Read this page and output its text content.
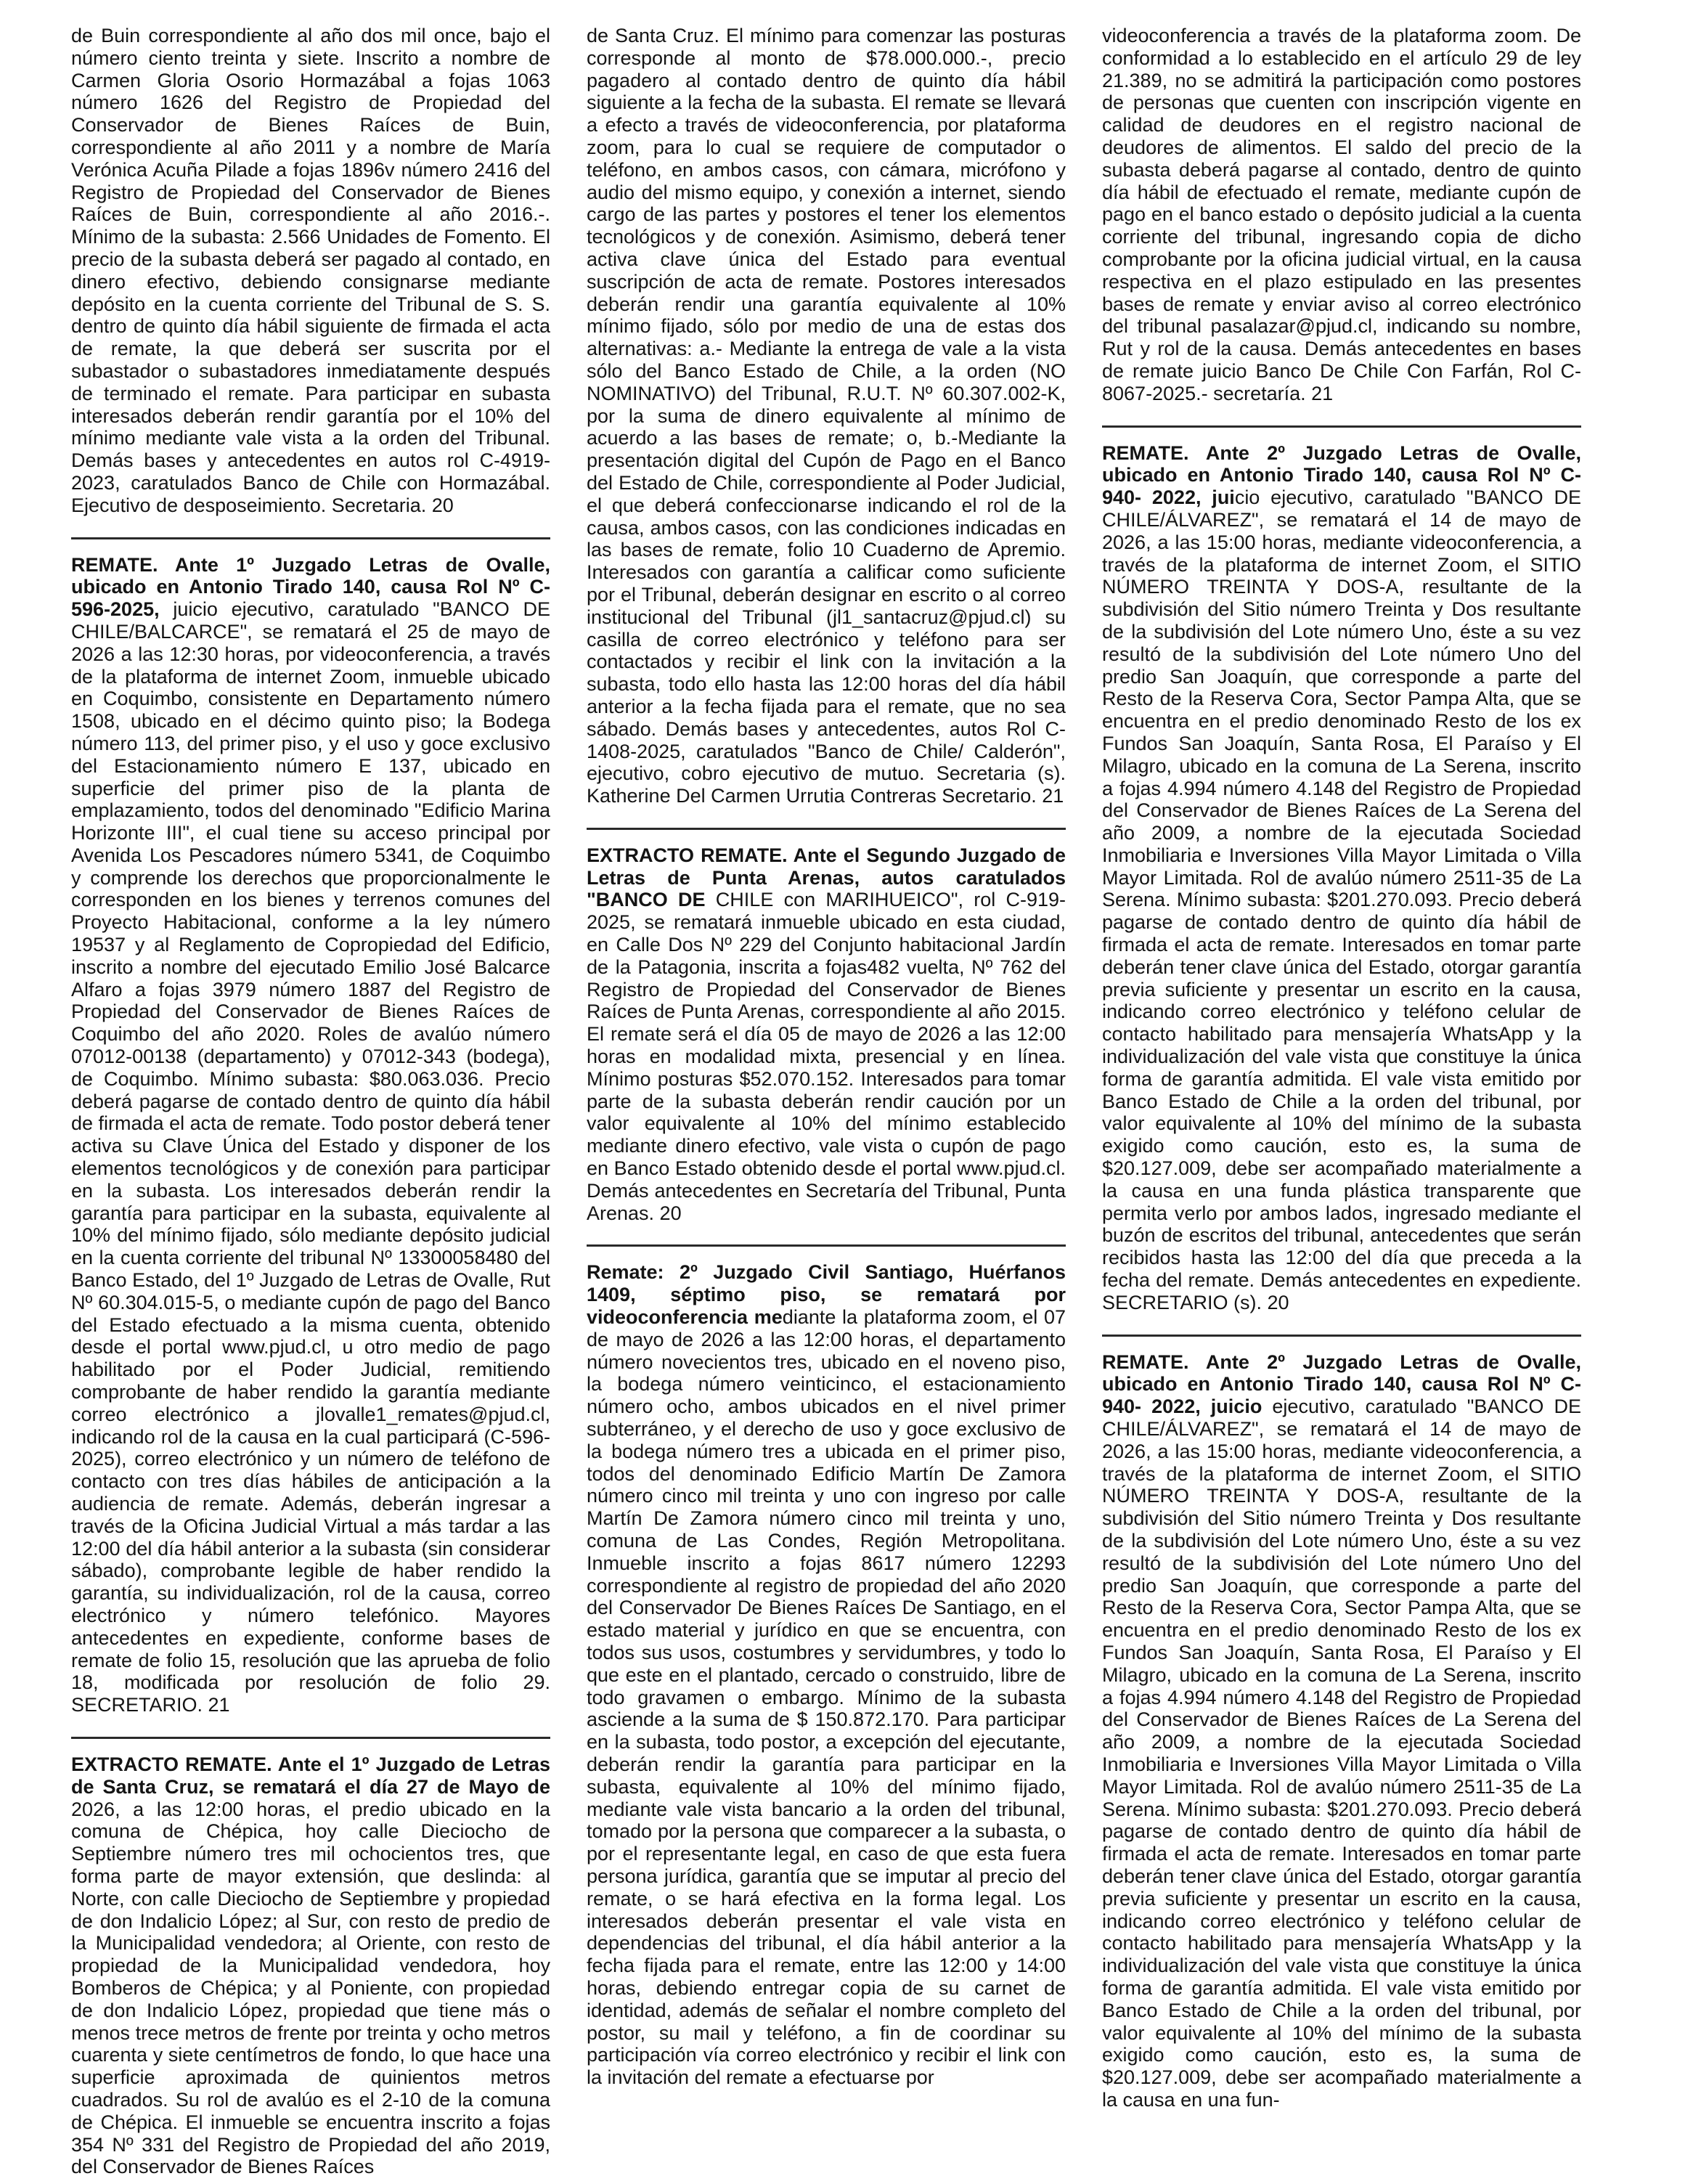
de Buin correspondiente al año dos mil once, bajo el número ciento treinta y siete. Inscrito a nombre de Carmen Gloria Osorio Hormazábal a fojas 1063 número 1626 del Registro de Propiedad del Conservador de Bienes Raíces de Buin, correspondiente al año 2011 y a nombre de María Verónica Acuña Pilade a fojas 1896v número 2416 del Registro de Propiedad del Conservador de Bienes Raíces de Buin, correspondiente al año 2016.-. Mínimo de la subasta: 2.566 Unidades de Fomento. El precio de la subasta deberá ser pagado al contado, en dinero efectivo, debiendo consignarse mediante depósito en la cuenta corriente del Tribunal de S. S. dentro de quinto día hábil siguiente de firmada el acta de remate, la que deberá ser suscrita por el subastador o subastadores inmediatamente después de terminado el remate. Para participar en subasta interesados deberán rendir garantía por el 10% del mínimo mediante vale vista a la orden del Tribunal. Demás bases y antecedentes en autos rol C-4919-2023, caratulados Banco de Chile con Hormazábal. Ejecutivo de desposeimiento. Secretaria. 20

REMATE. Ante 1º Juzgado Letras de Ovalle, ubicado en Antonio Tirado 140, causa Rol Nº C-596-2025, juicio ejecutivo, caratulado "BANCO DE CHILE/BALCARCE", se rematará el 25 de mayo de 2026 a las 12:30 horas, por videoconferencia, a través de la plataforma de internet Zoom, inmueble ubicado en Coquimbo, consistente en Departamento número 1508, ubicado en el décimo quinto piso; la Bodega número 113, del primer piso, y el uso y goce exclusivo del Estacionamiento número E 137, ubicado en superficie del primer piso de la planta de emplazamiento, todos del denominado "Edificio Marina Horizonte III", el cual tiene su acceso principal por Avenida Los Pescadores número 5341, de Coquimbo y comprende los derechos que proporcionalmente le corresponden en los bienes y terrenos comunes del Proyecto Habitacional, conforme a la ley número 19537 y al Reglamento de Copropiedad del Edificio, inscrito a nombre del ejecutado Emilio José Balcarce Alfaro a fojas 3979 número 1887 del Registro de Propiedad del Conservador de Bienes Raíces de Coquimbo del año 2020. Roles de avalúo número 07012-00138 (departamento) y 07012-343 (bodega), de Coquimbo. Mínimo subasta: $80.063.036. Precio deberá pagarse de contado dentro de quinto día hábil de firmada el acta de remate. Todo postor deberá tener activa su Clave Única del Estado y disponer de los elementos tecnológicos y de conexión para participar en la subasta. Los interesados deberán rendir la garantía para participar en la subasta, equivalente al 10% del mínimo fijado, sólo mediante depósito judicial en la cuenta corriente del tribunal Nº 13300058480 del Banco Estado, del 1º Juzgado de Letras de Ovalle, Rut Nº 60.304.015-5, o mediante cupón de pago del Banco del Estado efectuado a la misma cuenta, obtenido desde el portal www.pjud.cl, u otro medio de pago habilitado por el Poder Judicial, remitiendo comprobante de haber rendido la garantía mediante correo electrónico a jlovalle1_remates@pjud.cl, indicando rol de la causa en la cual participará (C-596- 2025), correo electrónico y un número de teléfono de contacto con tres días hábiles de anticipación a la audiencia de remate. Además, deberán ingresar a través de la Oficina Judicial Virtual a más tardar a las 12:00 del día hábil anterior a la subasta (sin considerar sábado), comprobante legible de haber rendido la garantía, su individualización, rol de la causa, correo electrónico y número telefónico. Mayores antecedentes en expediente, conforme bases de remate de folio 15, resolución que las aprueba de folio 18, modificada por resolución de folio 29. SECRETARIO. 21

EXTRACTO REMATE. Ante el 1º Juzgado de Letras de Santa Cruz, se rematará el día 27 de Mayo de 2026, a las 12:00 horas, el predio ubicado en la comuna de Chépica, hoy calle Dieciocho de Septiembre número tres mil ochocientos tres, que forma parte de mayor extensión, que deslinda: al Norte, con calle Dieciocho de Septiembre y propiedad de don Indalicio López; al Sur, con resto de predio de la Municipalidad vendedora; al Oriente, con resto de propiedad de la Municipalidad vendedora, hoy Bomberos de Chépica; y al Poniente, con propiedad de don Indalicio López, propiedad que tiene más o menos trece metros de frente por treinta y ocho metros cuarenta y siete centímetros de fondo, lo que hace una superficie aproximada de quinientos metros cuadrados. Su rol de avalúo es el 2-10 de la comuna de Chépica. El inmueble se encuentra inscrito a fojas 354 Nº 331 del Registro de Propiedad del año 2019, del Conservador de Bienes Raíces

de Santa Cruz. El mínimo para comenzar las posturas corresponde al monto de $78.000.000.-, precio pagadero al contado dentro de quinto día hábil siguiente a la fecha de la subasta. El remate se llevará a efecto a través de videoconferencia, por plataforma zoom, para lo cual se requiere de computador o teléfono, en ambos casos, con cámara, micrófono y audio del mismo equipo, y conexión a internet, siendo cargo de las partes y postores el tener los elementos tecnológicos y de conexión. Asimismo, deberá tener activa clave única del Estado para eventual suscripción de acta de remate. Postores interesados deberán rendir una garantía equivalente al 10% mínimo fijado, sólo por medio de una de estas dos alternativas: a.- Mediante la entrega de vale a la vista sólo del Banco Estado de Chile, a la orden (NO NOMINATIVO) del Tribunal, R.U.T. Nº 60.307.002-K, por la suma de dinero equivalente al mínimo de acuerdo a las bases de remate; o, b.-Mediante la presentación digital del Cupón de Pago en el Banco del Estado de Chile, correspondiente al Poder Judicial, el que deberá confeccionarse indicando el rol de la causa, ambos casos, con las condiciones indicadas en las bases de remate, folio 10 Cuaderno de Apremio. Interesados con garantía a calificar como suficiente por el Tribunal, deberán designar en escrito o al correo institucional del Tribunal (jl1_santacruz@pjud.cl) su casilla de correo electrónico y teléfono para ser contactados y recibir el link con la invitación a la subasta, todo ello hasta las 12:00 horas del día hábil anterior a la fecha fijada para el remate, que no sea sábado. Demás bases y antecedentes, autos Rol C-1408-2025, caratulados "Banco de Chile/ Calderón", ejecutivo, cobro ejecutivo de mutuo. Secretaria (s). Katherine Del Carmen Urrutia Contreras Secretario. 21

EXTRACTO REMATE. Ante el Segundo Juzgado de Letras de Punta Arenas, autos caratulados "BANCO DE CHILE con MARIHUEICO", rol C-919-2025, se rematará inmueble ubicado en esta ciudad, en Calle Dos Nº 229 del Conjunto habitacional Jardín de la Patagonia, inscrita a fojas482 vuelta, Nº 762 del Registro de Propiedad del Conservador de Bienes Raíces de Punta Arenas, correspondiente al año 2015. El remate será el día 05 de mayo de 2026 a las 12:00 horas en modalidad mixta, presencial y en línea. Mínimo posturas $52.070.152. Interesados para tomar parte de la subasta deberán rendir caución por un valor equivalente al 10% del mínimo establecido mediante dinero efectivo, vale vista o cupón de pago en Banco Estado obtenido desde el portal www.pjud.cl. Demás antecedentes en Secretaría del Tribunal, Punta Arenas. 20

Remate: 2º Juzgado Civil Santiago, Huérfanos 1409, séptimo piso, se rematará por videoconferencia mediante la plataforma zoom, el 07 de mayo de 2026 a las 12:00 horas, el departamento número novecientos tres, ubicado en el noveno piso, la bodega número veinticinco, el estacionamiento número ocho, ambos ubicados en el nivel primer subterráneo, y el derecho de uso y goce exclusivo de la bodega número tres a ubicada en el primer piso, todos del denominado Edificio Martín De Zamora número cinco mil treinta y uno con ingreso por calle Martín De Zamora número cinco mil treinta y uno, comuna de Las Condes, Región Metropolitana. Inmueble inscrito a fojas 8617 número 12293 correspondiente al registro de propiedad del año 2020 del Conservador De Bienes Raíces De Santiago, en el estado material y jurídico en que se encuentra, con todos sus usos, costumbres y servidumbres, y todo lo que este en el plantado, cercado o construido, libre de todo gravamen o embargo. Mínimo de la subasta asciende a la suma de $ 150.872.170. Para participar en la subasta, todo postor, a excepción del ejecutante, deberán rendir la garantía para participar en la subasta, equivalente al 10% del mínimo fijado, mediante vale vista bancario a la orden del tribunal, tomado por la persona que comparecer a la subasta, o por el representante legal, en caso de que esta fuera persona jurídica, garantía que se imputar al precio del remate, o se hará efectiva en la forma legal. Los interesados deberán presentar el vale vista en dependencias del tribunal, el día hábil anterior a la fecha fijada para el remate, entre las 12:00 y 14:00 horas, debiendo entregar copia de su carnet de identidad, además de señalar el nombre completo del postor, su mail y teléfono, a fin de coordinar su participación vía correo electrónico y recibir el link con la invitación del remate a efectuarse por

videoconferencia a través de la plataforma zoom. De conformidad a lo establecido en el artículo 29 de ley 21.389, no se admitirá la participación como postores de personas que cuenten con inscripción vigente en calidad de deudores en el registro nacional de deudores de alimentos. El saldo del precio de la subasta deberá pagarse al contado, dentro de quinto día hábil de efectuado el remate, mediante cupón de pago en el banco estado o depósito judicial a la cuenta corriente del tribunal, ingresando copia de dicho comprobante por la oficina judicial virtual, en la causa respectiva en el plazo estipulado en las presentes bases de remate y enviar aviso al correo electrónico del tribunal pasalazar@pjud.cl, indicando su nombre, Rut y rol de la causa. Demás antecedentes en bases de remate juicio Banco De Chile Con Farfán, Rol C-8067-2025.- secretaría. 21

REMATE. Ante 2º Juzgado Letras de Ovalle, ubicado en Antonio Tirado 140, causa Rol Nº C-940- 2022, juicio ejecutivo, caratulado "BANCO DE CHILE/ÁLVAREZ", se rematará el 14 de mayo de 2026, a las 15:00 horas, mediante videoconferencia, a través de la plataforma de internet Zoom, el SITIO NÚMERO TREINTA Y DOS-A, resultante de la subdivisión del Sitio número Treinta y Dos resultante de la subdivisión del Lote número Uno, éste a su vez resultó de la subdivisión del Lote número Uno del predio San Joaquín, que corresponde a parte del Resto de la Reserva Cora, Sector Pampa Alta, que se encuentra en el predio denominado Resto de los ex Fundos San Joaquín, Santa Rosa, El Paraíso y El Milagro, ubicado en la comuna de La Serena, inscrito a fojas 4.994 número 4.148 del Registro de Propiedad del Conservador de Bienes Raíces de La Serena del año 2009, a nombre de la ejecutada Sociedad Inmobiliaria e Inversiones Villa Mayor Limitada o Villa Mayor Limitada. Rol de avalúo número 2511-35 de La Serena. Mínimo subasta: $201.270.093. Precio deberá pagarse de contado dentro de quinto día hábil de firmada el acta de remate. Interesados en tomar parte deberán tener clave única del Estado, otorgar garantía previa suficiente y presentar un escrito en la causa, indicando correo electrónico y teléfono celular de contacto habilitado para mensajería WhatsApp y la individualización del vale vista que constituye la única forma de garantía admitida. El vale vista emitido por Banco Estado de Chile a la orden del tribunal, por valor equivalente al 10% del mínimo de la subasta exigido como caución, esto es, la suma de $20.127.009, debe ser acompañado materialmente a la causa en una funda plástica transparente que permita verlo por ambos lados, ingresado mediante el buzón de escritos del tribunal, antecedentes que serán recibidos hasta las 12:00 del día que preceda a la fecha del remate. Demás antecedentes en expediente. SECRETARIO (s). 20

REMATE. Ante 2º Juzgado Letras de Ovalle, ubicado en Antonio Tirado 140, causa Rol Nº C-940- 2022, juicio ejecutivo, caratulado "BANCO DE CHILE/ÁLVAREZ", se rematará el 14 de mayo de 2026, a las 15:00 horas, mediante videoconferencia, a través de la plataforma de internet Zoom, el SITIO NÚMERO TREINTA Y DOS-A, resultante de la subdivisión del Sitio número Treinta y Dos resultante de la subdivisión del Lote número Uno, éste a su vez resultó de la subdivisión del Lote número Uno del predio San Joaquín, que corresponde a parte del Resto de la Reserva Cora, Sector Pampa Alta, que se encuentra en el predio denominado Resto de los ex Fundos San Joaquín, Santa Rosa, El Paraíso y El Milagro, ubicado en la comuna de La Serena, inscrito a fojas 4.994 número 4.148 del Registro de Propiedad del Conservador de Bienes Raíces de La Serena del año 2009, a nombre de la ejecutada Sociedad Inmobiliaria e Inversiones Villa Mayor Limitada o Villa Mayor Limitada. Rol de avalúo número 2511-35 de La Serena. Mínimo subasta: $201.270.093. Precio deberá pagarse de contado dentro de quinto día hábil de firmada el acta de remate. Interesados en tomar parte deberán tener clave única del Estado, otorgar garantía previa suficiente y presentar un escrito en la causa, indicando correo electrónico y teléfono celular de contacto habilitado para mensajería WhatsApp y la individualización del vale vista que constituye la única forma de garantía admitida. El vale vista emitido por Banco Estado de Chile a la orden del tribunal, por valor equivalente al 10% del mínimo de la subasta exigido como caución, esto es, la suma de $20.127.009, debe ser acompañado materialmente a la causa en una fun-
